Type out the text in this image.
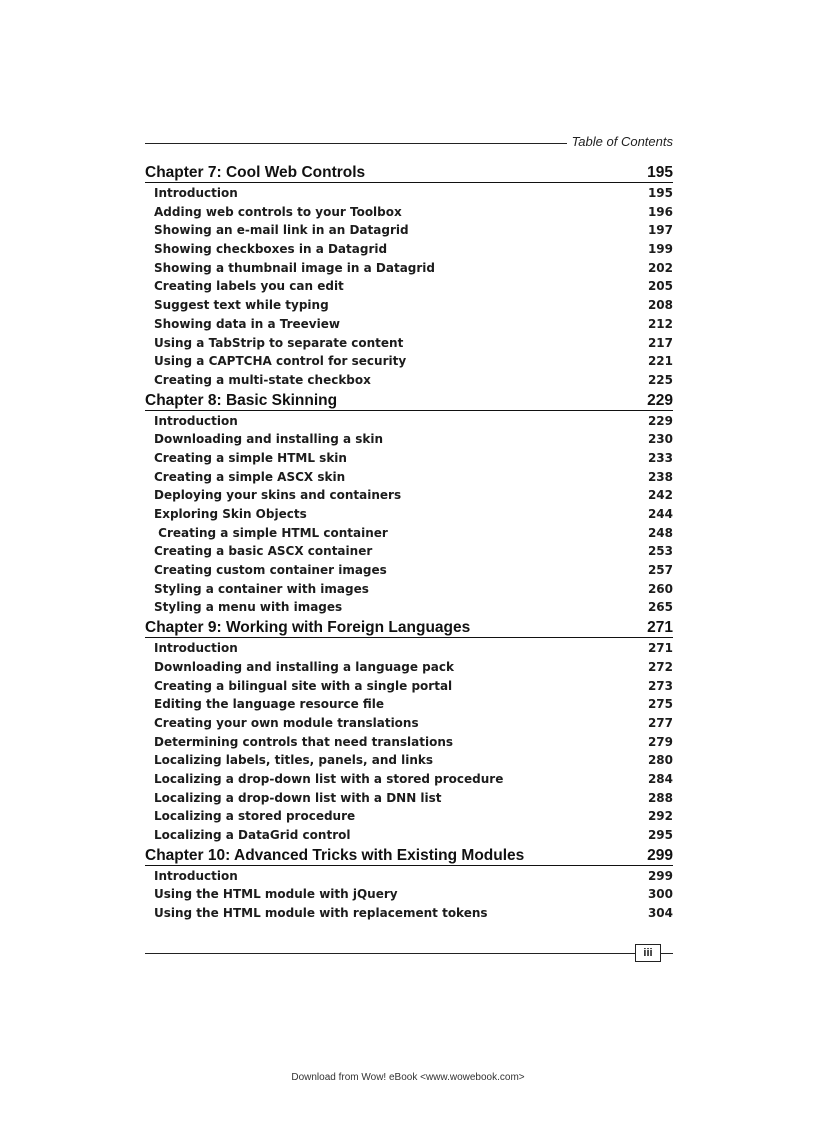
Table of Contents
Chapter 7: Cool Web Controls	195
Introduction	195
Adding web controls to your Toolbox	196
Showing an e-mail link in an Datagrid	197
Showing checkboxes in a Datagrid	199
Showing a thumbnail image in a Datagrid	202
Creating labels you can edit	205
Suggest text while typing	208
Showing data in a Treeview	212
Using a TabStrip to separate content	217
Using a CAPTCHA control for security	221
Creating a multi-state checkbox	225
Chapter 8: Basic Skinning	229
Introduction	229
Downloading and installing a skin	230
Creating a simple HTML skin	233
Creating a simple ASCX skin	238
Deploying your skins and containers	242
Exploring Skin Objects	244
Creating a simple HTML container	248
Creating a basic ASCX container	253
Creating custom container images	257
Styling a container with images	260
Styling a menu with images	265
Chapter 9: Working with Foreign Languages	271
Introduction	271
Downloading and installing a language pack	272
Creating a bilingual site with a single portal	273
Editing the language resource file	275
Creating your own module translations	277
Determining controls that need translations	279
Localizing labels, titles, panels, and links	280
Localizing a drop-down list with a stored procedure	284
Localizing a drop-down list with a DNN list	288
Localizing a stored procedure	292
Localizing a DataGrid control	295
Chapter 10: Advanced Tricks with Existing Modules	299
Introduction	299
Using the HTML module with jQuery	300
Using the HTML module with replacement tokens	304
iii
Download from Wow! eBook <www.wowebook.com>
